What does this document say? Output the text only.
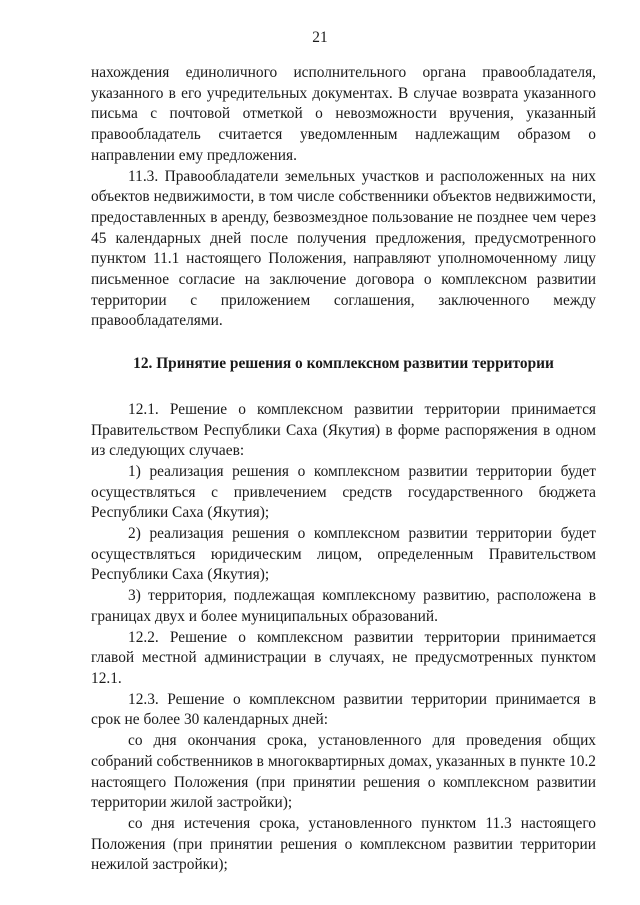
21

нахождения единоличного исполнительного органа правообладателя, указанного в его учредительных документах. В случае возврата указанного письма с почтовой отметкой о невозможности вручения, указанный правообладатель считается уведомленным надлежащим образом о направлении ему предложения.

11.3. Правообладатели земельных участков и расположенных на них объектов недвижимости, в том числе собственники объектов недвижимости, предоставленных в аренду, безвозмездное пользование не позднее чем через 45 календарных дней после получения предложения, предусмотренного пунктом 11.1 настоящего Положения, направляют уполномоченному лицу письменное согласие на заключение договора о комплексном развитии территории с приложением соглашения, заключенного между правообладателями.

12. Принятие решения о комплексном развитии территории

12.1. Решение о комплексном развитии территории принимается Правительством Республики Саха (Якутия) в форме распоряжения в одном из следующих случаев:

1) реализация решения о комплексном развитии территории будет осуществляться с привлечением средств государственного бюджета Республики Саха (Якутия);

2) реализация решения о комплексном развитии территории будет осуществляться юридическим лицом, определенным Правительством Республики Саха (Якутия);

3) территория, подлежащая комплексному развитию, расположена в границах двух и более муниципальных образований.

12.2. Решение о комплексном развитии территории принимается главой местной администрации в случаях, не предусмотренных пунктом 12.1.

12.3. Решение о комплексном развитии территории принимается в срок не более 30 календарных дней:

со дня окончания срока, установленного для проведения общих собраний собственников в многоквартирных домах, указанных в пункте 10.2 настоящего Положения (при принятии решения о комплексном развитии территории жилой застройки);

со дня истечения срока, установленного пунктом 11.3 настоящего Положения (при принятии решения о комплексном развитии территории нежилой застройки);
